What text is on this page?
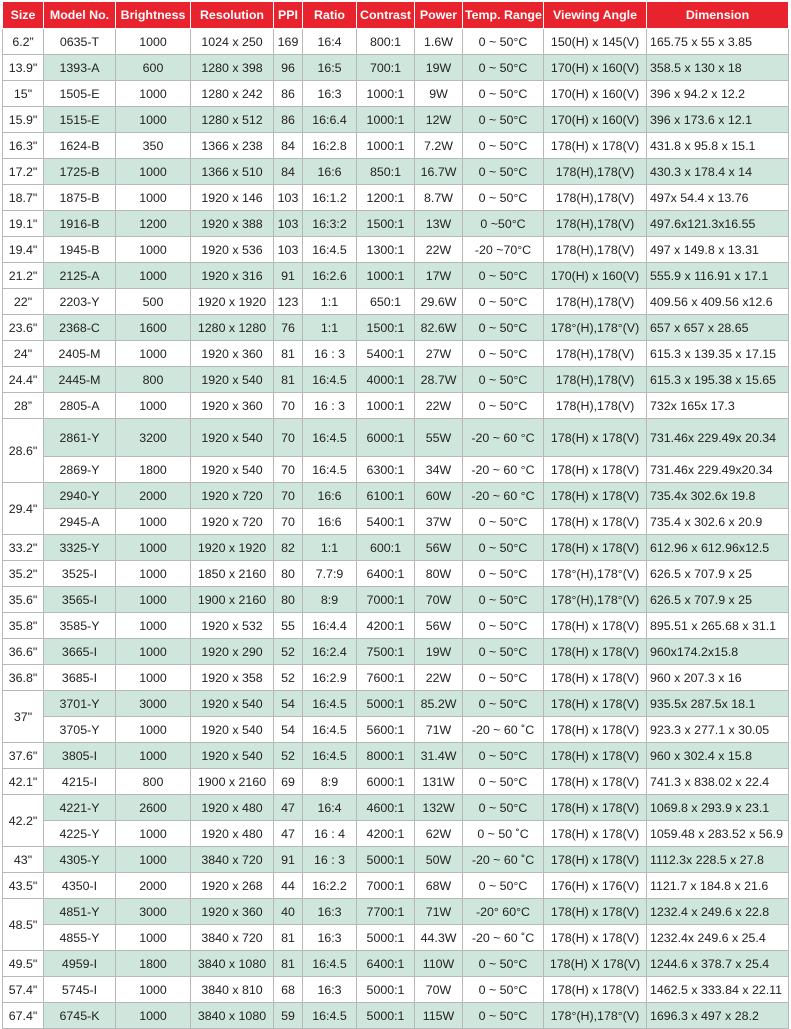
Size	Model No.	Brightness	Resolution	PPI	Ratio	Contrast	Power	Temp. Range	Viewing Angle	Dimension
6.2”	0635-T	1000	1024 x 250	169	16:4	800:1	1.6W	0 ~ 50°C	150(H) x 145(V)	165.75 x 55 x 3.85
13.9"	1393-A	600	1280 x 398	96	16:5	700:1	19W	0 ~ 50°C	170(H) x 160(V)	358.5 x 130 x 18
15"	1505-E	1000	1280 x 242	86	16:3	1000:1	9W	0 ~ 50°C	170(H) x 160(V)	396 x 94.2 x 12.2
15.9"	1515-E	1000	1280 x 512	86	16:6.4	1000:1	12W	0 ~ 50°C	170(H) x 160(V)	396 x 173.6 x 12.1
16.3"	1624-B	350	1366 x 238	84	16:2.8	1000:1	7.2W	0 ~ 50°C	178(H) x 178(V)	431.8 x 95.8 x 15.1
17.2"	1725-B	1000	1366 x 510	84	16:6	850:1	16.7W	0 ~ 50°C	178(H),178(V)	430.3 x 178.4 x 14
18.7"	1875-B	1000	1920 x 146	103	16:1.2	1200:1	8.7W	0 ~ 50°C	178(H),178(V)	497x 54.4 x 13.76
19.1"	1916-B	1200	1920 x 388	103	16:3:2	1500:1	13W	0 ~50°C	178(H),178(V)	497.6x121.3x16.55
19.4"	1945-B	1000	1920 x 536	103	16:4.5	1300:1	22W	-20 ~70°C	178(H),178(V)	497 x 149.8 x 13.31
21.2"	2125-A	1000	1920 x 316	91	16:2.6	1000:1	17W	0 ~ 50°C	170(H) x 160(V)	555.9 x 116.91 x 17.1
22"	2203-Y	500	1920 x 1920	123	1:1	650:1	29.6W	0 ~ 50°C	178(H),178(V)	409.56 x 409.56 x12.6
23.6"	2368-C	1600	1280 x 1280	76	1:1	1500:1	82.6W	0 ~ 50°C	178°(H),178°(V)	657 x 657 x 28.65
24"	2405-M	1000	1920 x 360	81	16 : 3	5400:1	27W	0 ~ 50°C	178(H),178(V)	615.3 x 139.35 x 17.15
24.4"	2445-M	800	1920 x 540	81	16:4.5	4000:1	28.7W	0 ~ 50°C	178(H),178(V)	615.3 x 195.38 x 15.65
28”	2805-A	1000	1920 x 360	70	16 : 3	1000:1	22W	0 ~ 50°C	178(H),178(V)	732x 165x 17.3
28.6"	2861-Y	3200	1920 x 540	70	16:4.5	6000:1	55W	-20 ~ 60 °C	178(H) x 178(V)	731.46x 229.49x 20.34
	2869-Y	1800	1920 x 540	70	16:4.5	6300:1	34W	-20 ~ 60 °C	178(H) x 178(V)	731.46x 229.49x20.34
29.4"	2940-Y	2000	1920 x 720	70	16:6	6100:1	60W	-20 ~ 60 °C	178(H) x 178(V)	735.4x 302.6x 19.8
	2945-A	1000	1920 x 720	70	16:6	5400:1	37W	0 ~ 50°C	178(H) x 178(V)	735.4 x 302.6 x 20.9
33.2"	3325-Y	1000	1920 x 1920	82	1:1	600:1	56W	0 ~ 50°C	178(H) x 178(V)	612.96 x 612.96x12.5
35.2"	3525-I	1000	1850 x 2160	80	7.7:9	6400:1	80W	0 ~ 50°C	178°(H),178°(V)	626.5 x 707.9 x 25
35.6"	3565-I	1000	1900 x 2160	80	8:9	7000:1	70W	0 ~ 50°C	178°(H),178°(V)	626.5 x 707.9 x 25
35.8"	3585-Y	1000	1920 x 532	55	16:4.4	4200:1	56W	0 ~ 50°C	178(H) x 178(V)	895.51 x 265.68 x 31.1
36.6"	3665-I	1000	1920 x 290	52	16:2.4	7500:1	19W	0 ~ 50°C	178(H) x 178(V)	960x174.2x15.8
36.8"	3685-I	1000	1920 x 358	52	16:2.9	7600:1	22W	0 ~ 50°C	178(H) x 178(V)	960 x 207.3 x 16
37"	3701-Y	3000	1920 x 540	54	16:4.5	5000:1	85.2W	0 ~ 50°C	178(H) x 178(V)	935.5x 287.5x 18.1
	3705-Y	1000	1920 x 540	54	16:4.5	5600:1	71W	-20 ~ 60 ˚C	178(H) x 178(V)	923.3 x 277.1 x 30.05
37.6"	3805-I	1000	1920 x 540	52	16:4.5	8000:1	31.4W	0 ~ 50°C	178(H) x 178(V)	960 x 302.4 x 15.8
42.1"	4215-I	800	1900 x 2160	69	8:9	6000:1	131W	0 ~ 50°C	178(H) x 178(V)	741.3 x 838.02 x 22.4
42.2"	4221-Y	2600	1920 x 480	47	16:4	4600:1	132W	0 ~ 50°C	178(H) x 178(V)	1069.8 x 293.9 x 23.1
	4225-Y	1000	1920 x 480	47	16 : 4	4200:1	62W	0 ~ 50 ˚C	178(H) x 178(V)	1059.48 x 283.52 x 56.9
43"	4305-Y	1000	3840 x 720	91	16 : 3	5000:1	50W	-20 ~ 60 ˚C	178(H) x 178(V)	1112.3x 228.5 x 27.8
43.5"	4350-I	2000	1920 x 268	44	16:2.2	7000:1	68W	0 ~ 50°C	176(H) x 176(V)	1121.7 x 184.8 x 21.6
48.5"	4851-Y	3000	1920 x 360	40	16:3	7700:1	71W	-20° 60°C	178(H) x 178(V)	1232.4 x 249.6 x 22.8
	4855-Y	1000	3840 x 720	81	16:3	5000:1	44.3W	-20 ~ 60 ˚C	178(H) x 178(V)	1232.4x 249.6 x 25.4
49.5"	4959-I	1800	3840 x 1080	81	16:4.5	6400:1	110W	0 ~ 50°C	178(H) X 178(V)	1244.6 x 378.7 x 25.4
57.4"	5745-I	1000	3840 x 810	68	16:3	5000:1	70W	0 ~ 50°C	178(H) x 178(V)	1462.5 x 333.84 x 22.11
67.4"	6745-K	1000	3840 x 1080	59	16:4.5	5000:1	115W	0 ~ 50°C	178°(H),178°(V)	1696.3 x 497 x 28.2
